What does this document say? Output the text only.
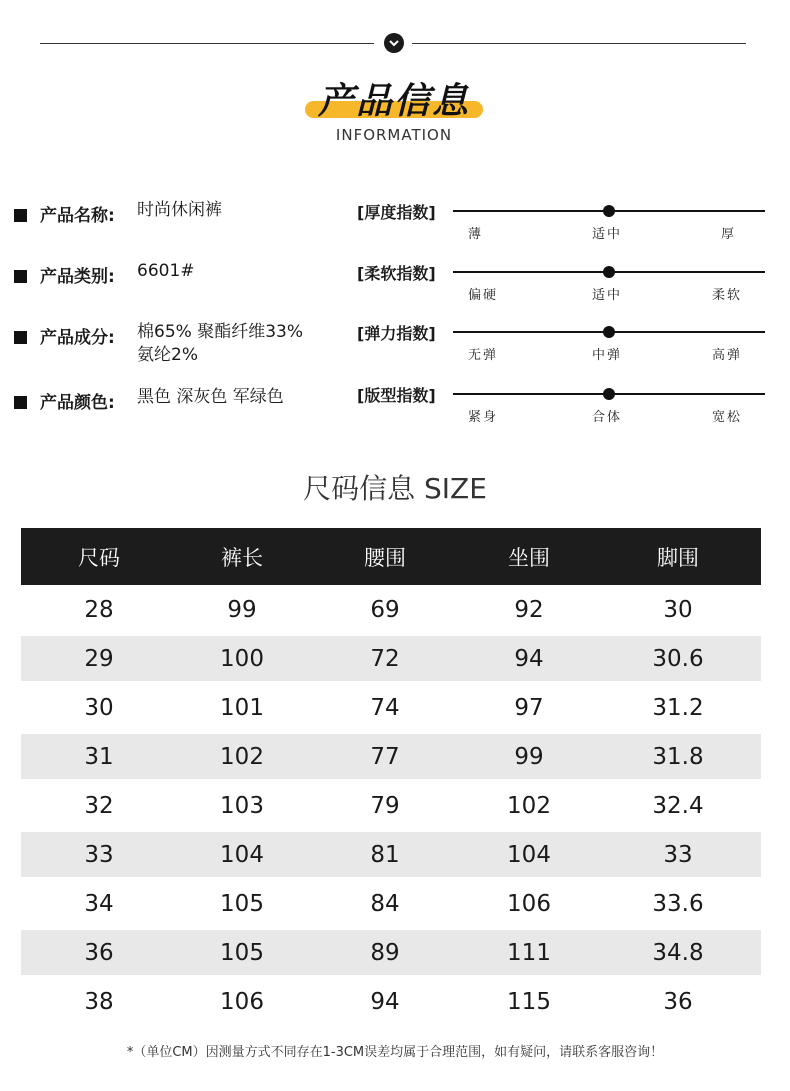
产品信息
INFORMATION
产品名称: 时尚休闲裤
产品类别: 6601#
产品成分: 棉65% 聚酯纤维33%
氨纶2%
产品颜色: 黑色 深灰色 军绿色
[厚度指数]
薄	适中	厚
[柔软指数]
偏硬	适中	柔软
[弹力指数]
无弹	中弹	高弹
[版型指数]
紧身	合体	宽松
尺码信息 SIZE
尺码	裤长	腰围	坐围	脚围
28	99	69	92	30
29	100	72	94	30.6
30	101	74	97	31.2
31	102	77	99	31.8
32	103	79	102	32.4
33	104	81	104	33
34	105	84	106	33.6
36	105	89	111	34.8
38	106	94	115	36
*（单位CM）因测量方式不同存在1-3CM误差均属于合理范围，如有疑问，请联系客服咨询！
